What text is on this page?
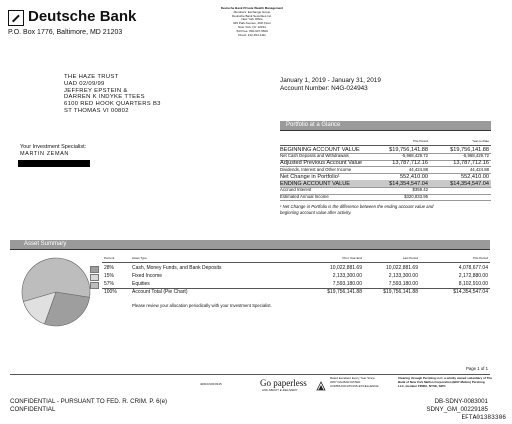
Deutsche Bank
P.O. Box 1776, Baltimore, MD 21203
Deutsche Bank Private Wealth Management
Members: Exchange Group
Deutsche Bank Securities Inc.
New York Office
345 Park Avenue, 26th Floor
New York, NY 10154
Toll Free: 800-937-5600
Direct: 212-454-1111
THE HAZE TRUST
UAD 02/09/99
JEFFREY EPSTEIN &
DARREN K INDYKE TTEES
6100 RED HOOK QUARTERS B3
ST THOMAS VI 00802
Your Investment Specialist:
MARTIN ZEMAN
January 1, 2019 - January 31, 2019
Account Number: N4G-024943
Portfolio at a Glance
This Period	Year-to-Date
BEGINNING ACCOUNT VALUE	$19,756,141.88	$19,756,141.88
Net Cash Deposits and Withdrawals	-5,968,429.72	-5,968,429.72
Adjusted Previous Account Value	13,787,712.16	13,787,712.16
Dividends, Interest and Other Income	44,424.88	44,424.88
Net Change in Portfolio¹	552,410.00	552,410.00
ENDING ACCOUNT VALUE	$14,354,547.04	$14,354,547.04
Accrued Interest	$359.42
Estimated Annual Income	$320,833.95
¹ Net Change in Portfolio is the difference between the ending account value and
beginning account value after activity.
Asset Summary
Percent	Asset Type	Prior Year-End	Last Period	This Period
28%	Cash, Money Funds, and Bank Deposits	10,022,881.69	10,022,881.69	4,078,677.04
15%	Fixed Income	2,133,300.00	2,133,300.00	2,172,880.00
57%	Equities	7,593,180.00	7,593,180.00	8,102,910.00
100%	Account Total (Pie Chart)	$19,756,141.88	$19,756,141.88	$14,354,547.04
Please review your allocation periodically with your Investment Specialist.
Page 1 of 1
4061KNOF0315	Go paperless
ASK ABOUT E-DELIVERY
Rated Excellent Every Year Since 2007 DALBAR RATED COMMUNICATIONS EXCELLENCE
Clearing through Pershing LLC, a wholly owned subsidiary of The Bank of New York Mellon Corporation (BNY Mellon) Pershing LLC, member FINRA, NYSE, SIPC
CONFIDENTIAL - PURSUANT TO FED. R. CRIM. P. 6(e)
CONFIDENTIAL
DB-SDNY-0083001
SDNY_GM_00229185
EFTA01383306
